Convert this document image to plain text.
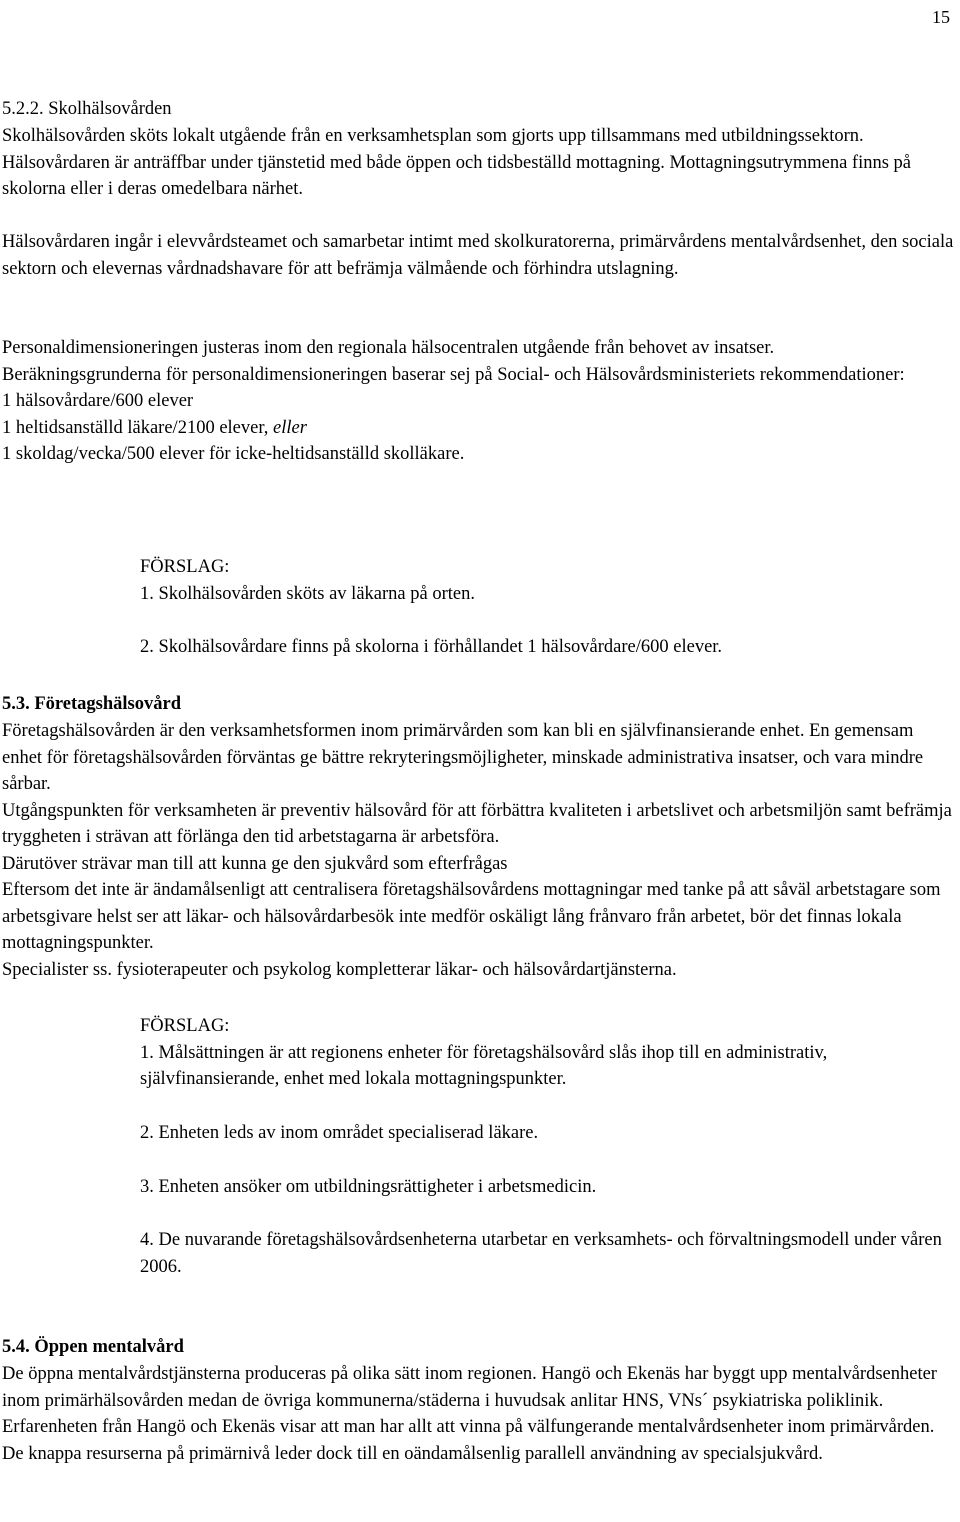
15

5.2.2. Skolhälsovården

Skolhälsovården sköts lokalt utgående från en verksamhetsplan som gjorts upp tillsammans med utbildningssektorn. Hälsovårdaren är anträffbar under tjänstetid med både öppen och tidsbeställd mottagning. Mottagningsutrymmena finns på skolorna eller i deras omedelbara närhet.

Hälsovårdaren ingår i elevvårdsteamet och samarbetar intimt med skolkuratorerna, primärvårdens mentalvårdsenhet, den sociala sektorn och elevernas vårdnadshavare för att befrämja välmående och förhindra utslagning.

Personaldimensioneringen justeras inom den regionala hälsocentralen utgående från behovet av insatser.

Beräkningsgrunderna för personaldimensioneringen baserar sej på Social- och Hälsovårdsministeriets rekommendationer:

1 hälsovårdare/600 elever

1 heltidsanställd läkare/2100 elever, eller

1 skoldag/vecka/500 elever för icke-heltidsanställd skolläkare.

FÖRSLAG:

1. Skolhälsovården sköts av läkarna på orten.

2. Skolhälsovårdare finns på skolorna i förhållandet 1 hälsovårdare/600 elever.

5.3. Företagshälsovård

Företagshälsovården är den verksamhetsformen inom primärvården som kan bli en självfinansierande enhet. En gemensam enhet för företagshälsovården förväntas ge bättre rekryteringsmöjligheter, minskade administrativa insatser, och vara mindre sårbar.

Utgångspunkten för verksamheten är preventiv hälsovård för att förbättra kvaliteten i arbetslivet och arbetsmiljön samt befrämja tryggheten i strävan att förlänga den tid arbetstagarna är arbetsföra.

Därutöver strävar man till att kunna ge den sjukvård som efterfrågas

Eftersom det inte är ändamålsenligt att centralisera företagshälsovårdens mottagningar med tanke på att såväl arbetstagare som arbetsgivare helst ser att läkar- och hälsovårdarbesök inte medför oskäligt lång frånvaro från arbetet, bör det finnas lokala mottagningspunkter.

Specialister ss. fysioterapeuter och psykolog kompletterar läkar- och hälsovårdartjänsterna.

FÖRSLAG:

1. Målsättningen är att regionens enheter för företagshälsovård slås ihop till en administrativ, självfinansierande, enhet med lokala mottagningspunkter.

2. Enheten leds av inom området specialiserad läkare.

3. Enheten ansöker om utbildningsrättigheter i arbetsmedicin.

4. De nuvarande företagshälsovårdsenheterna utarbetar en verksamhets- och förvaltningsmodell under våren 2006.

5.4. Öppen mentalvård

De öppna mentalvårdstjänsterna produceras på olika sätt inom regionen. Hangö och Ekenäs har byggt upp mentalvårdsenheter inom primärhälsovården medan de övriga kommunerna/städerna i huvudsak anlitar HNS, VNs´ psykiatriska poliklinik.

Erfarenheten från Hangö och Ekenäs visar att man har allt att vinna på välfungerande mentalvårdsenheter inom primärvården. De knappa resurserna på primärnivå leder dock till en oändamålsenlig parallell användning av specialsjukvård.
